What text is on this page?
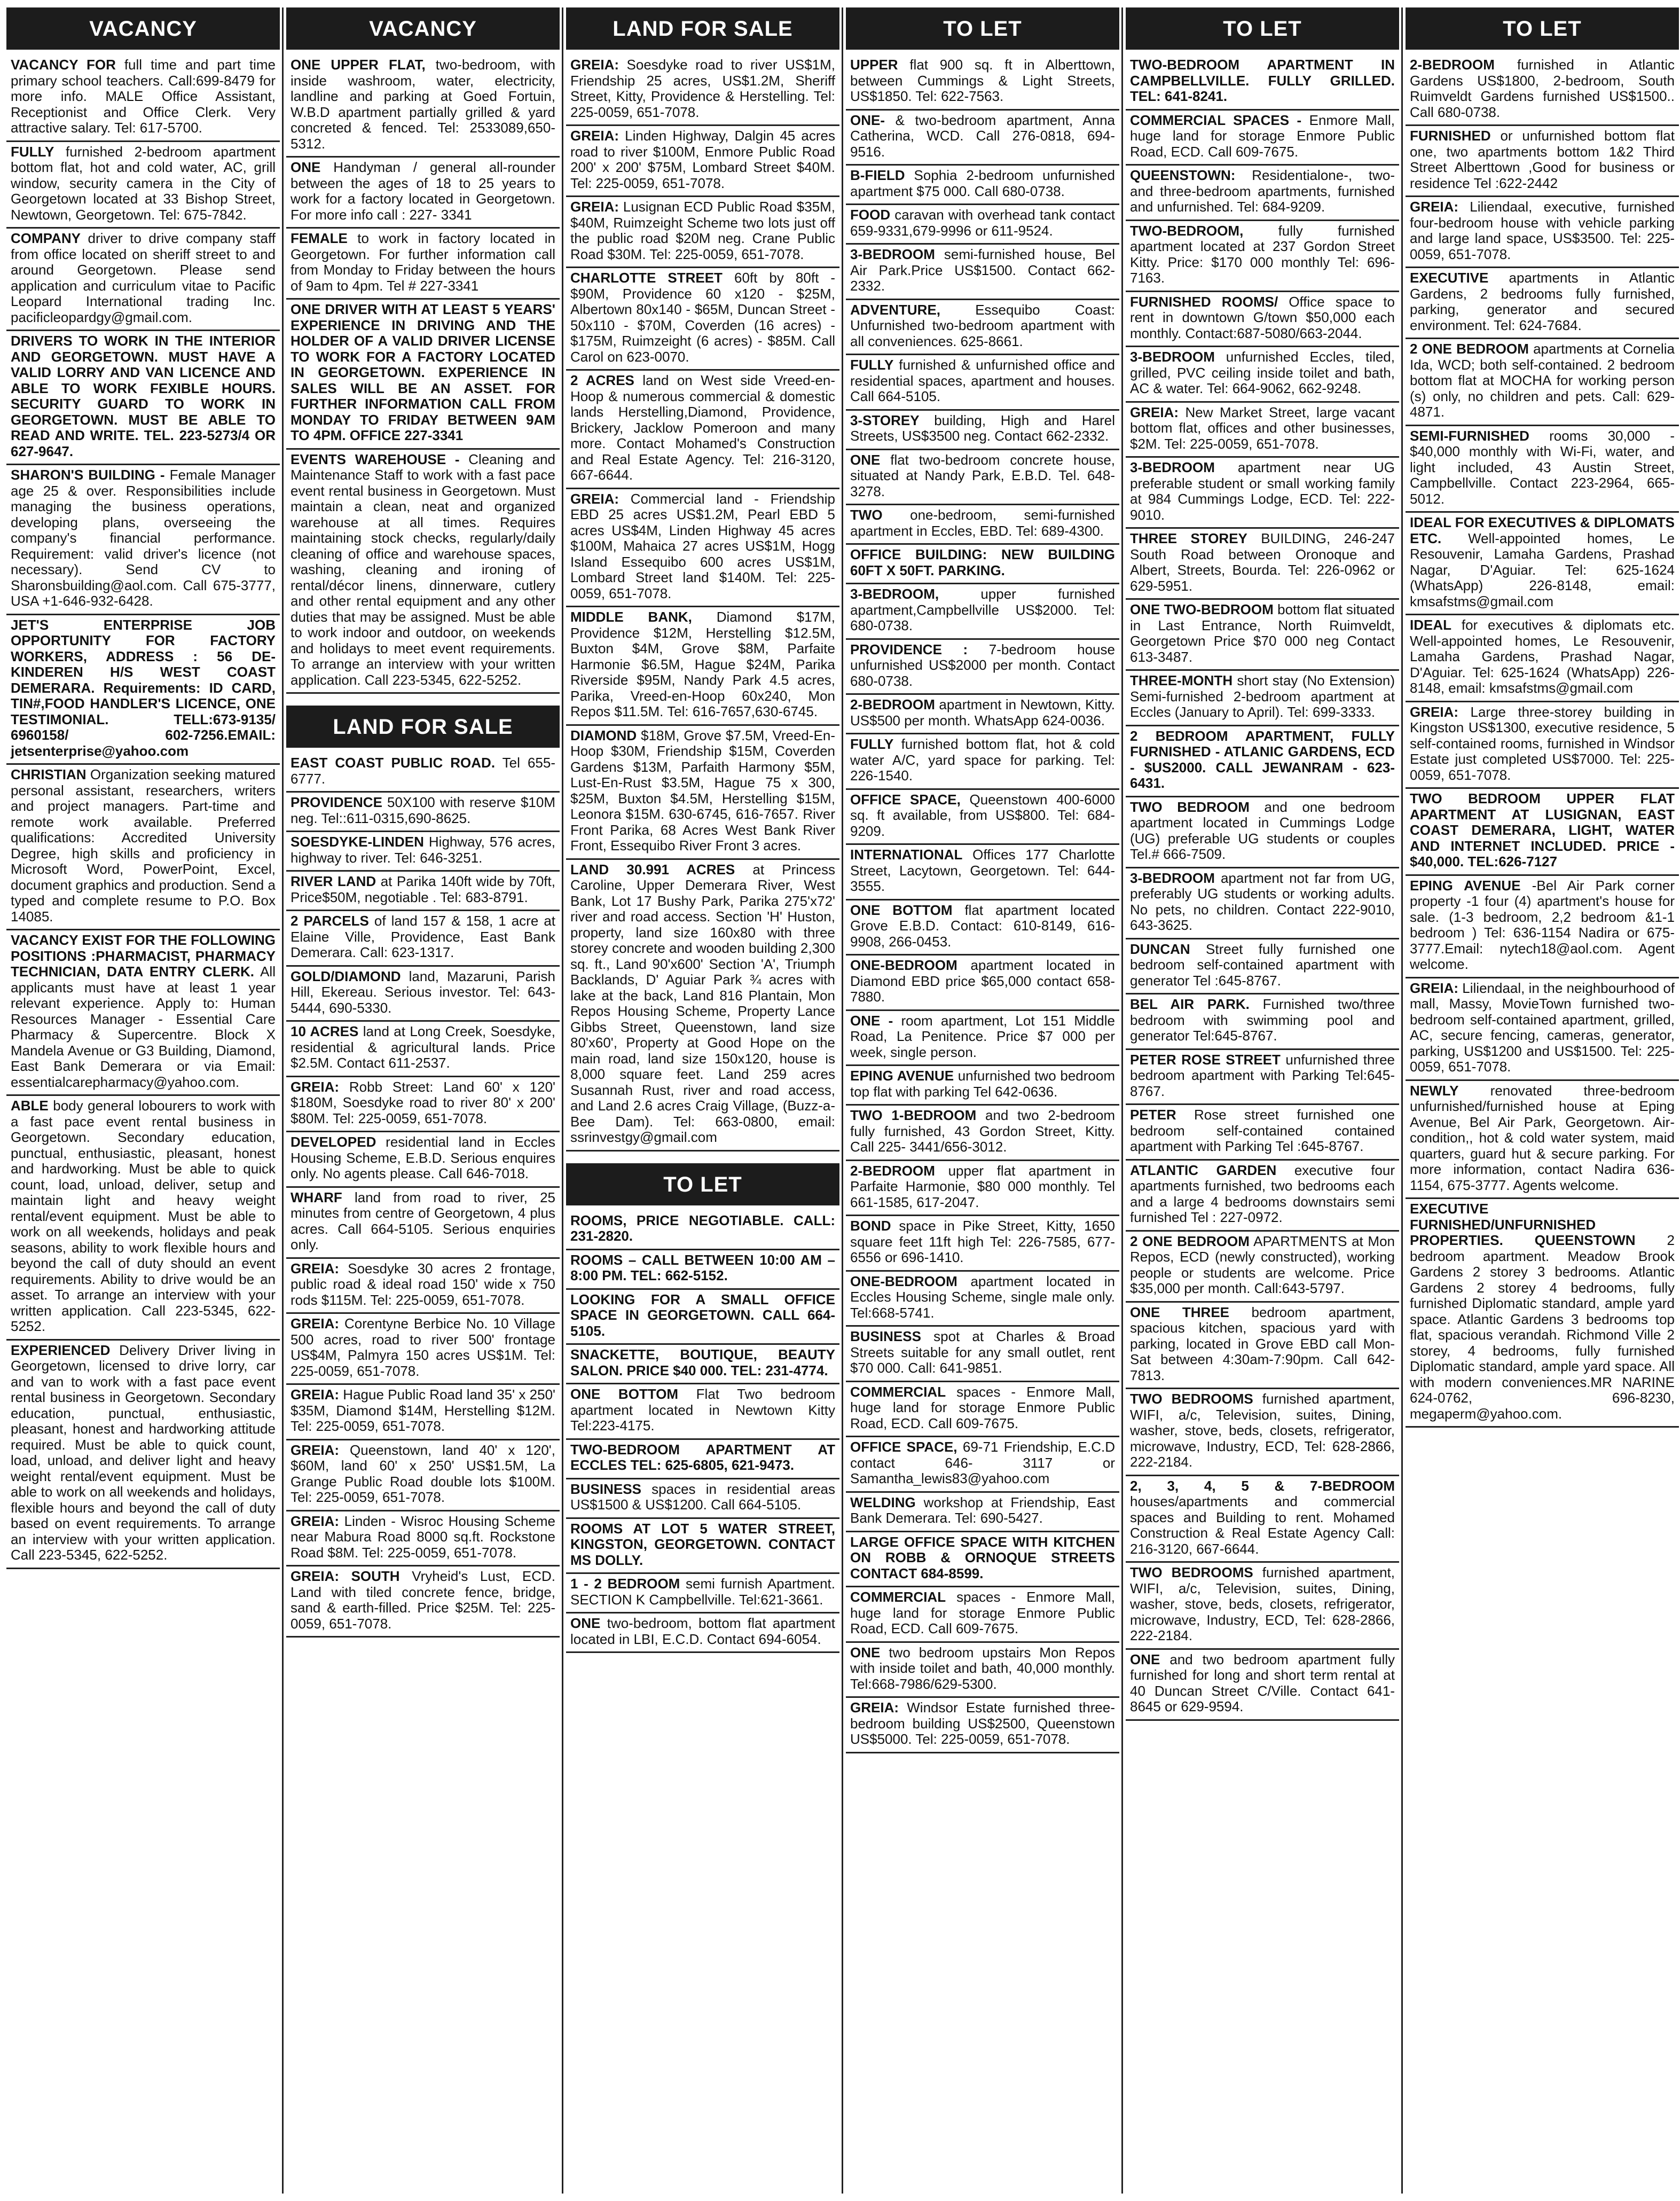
VACANCY
VACANCY FOR full time and part time primary school teachers. Call:699-8479 for more info. MALE Office Assistant, Receptionist and Office Clerk. Very attractive salary. Tel: 617-5700.
FULLY furnished 2-bedroom apartment bottom flat, hot and cold water, AC, grill window, security camera in the City of Georgetown located at 33 Bishop Street, Newtown, Georgetown. Tel: 675-7842.
COMPANY driver to drive company staff from office located on sheriff street to and around Georgetown. Please send application and curriculum vitae to Pacific Leopard International trading Inc. pacificleopardgy@gmail.com.
DRIVERS TO WORK IN THE INTERIOR AND GEORGETOWN. MUST HAVE A VALID LORRY AND VAN LICENCE AND ABLE TO WORK FEXIBLE HOURS. SECURITY GUARD TO WORK IN GEORGETOWN. MUST BE ABLE TO READ AND WRITE. TEL. 223-5273/4 OR 627-9647.
SHARON'S BUILDING - Female Manager age 25 & over. Responsibilities include managing the business operations, developing plans, overseeing the company's financial performance. Requirement: valid driver's licence (not necessary). Send CV to Sharonsbuilding@aol.com. Call 675-3777, USA +1-646-932-6428.
JET'S ENTERPRISE JOB OPPORTUNITY FOR FACTORY WORKERS, ADDRESS : 56 DE-KINDEREN H/S WEST COAST DEMERARA. Requirements: ID CARD, TIN#,FOOD HANDLER'S LICENCE, ONE TESTIMONIAL. TELL:673-9135/ 6960158/ 602-7256.EMAIL: jetsenterprise@yahoo.com
CHRISTIAN Organization seeking matured personal assistant, researchers, writers and project managers. Part-time and remote work available. Preferred qualifications: Accredited University Degree, high skills and proficiency in Microsoft Word, PowerPoint, Excel, document graphics and production. Send a typed and complete resume to P.O. Box 14085.
VACANCY EXIST FOR THE FOLLOWING POSITIONS :PHARMACIST, PHARMACY TECHNICIAN, DATA ENTRY CLERK. All applicants must have at least 1 year relevant experience. Apply to: Human Resources Manager - Essential Care Pharmacy & Supercentre. Block X Mandela Avenue or G3 Building, Diamond, East Bank Demerara or via Email: essentialcarepharmacy@yahoo.com.
ABLE body general lobourers to work with a fast pace event rental business in Georgetown. Secondary education, punctual, enthusiastic, pleasant, honest and hardworking. Must be able to quick count, load, unload, deliver, setup and maintain light and heavy weight rental/event equipment. Must be able to work on all weekends, holidays and peak seasons, ability to work flexible hours and beyond the call of duty should an event requirements. Ability to drive would be an asset. To arrange an interview with your written application. Call 223-5345, 622-5252.
EXPERIENCED Delivery Driver living in Georgetown, licensed to drive lorry, car and van to work with a fast pace event rental business in Georgetown. Secondary education, punctual, enthusiastic, pleasant, honest and hardworking attitude required. Must be able to quick count, load, unload, and deliver light and heavy weight rental/event equipment. Must be able to work on all weekends and holidays, flexible hours and beyond the call of duty based on event requirements. To arrange an interview with your written application. Call 223-5345, 622-5252.
VACANCY
ONE UPPER FLAT, two-bedroom, with inside washroom, water, electricity, landline and parking at Goed Fortuin, W.B.D apartment partially grilled & yard concreted & fenced. Tel: 2533089,650-5312.
ONE Handyman / general all-rounder between the ages of 18 to 25 years to work for a factory located in Georgetown. For more info call : 227- 3341
FEMALE to work in factory located in Georgetown. For further information call from Monday to Friday between the hours of 9am to 4pm. Tel # 227-3341
ONE DRIVER WITH AT LEAST 5 YEARS' EXPERIENCE IN DRIVING AND THE HOLDER OF A VALID DRIVER LICENSE TO WORK FOR A FACTORY LOCATED IN GEORGETOWN. EXPERIENCE IN SALES WILL BE AN ASSET. FOR FURTHER INFORMATION CALL FROM MONDAY TO FRIDAY BETWEEN 9AM TO 4PM. OFFICE 227-3341
EVENTS WAREHOUSE - Cleaning and Maintenance Staff to work with a fast pace event rental business in Georgetown. Must maintain a clean, neat and organized warehouse at all times. Requires maintaining stock checks, regularly/daily cleaning of office and warehouse spaces, washing, cleaning and ironing of rental/décor linens, dinnerware, cutlery and other rental equipment and any other duties that may be assigned. Must be able to work indoor and outdoor, on weekends and holidays to meet event requirements. To arrange an interview with your written application. Call 223-5345, 622-5252.
LAND FOR SALE
EAST COAST PUBLIC ROAD. Tel 655-6777.
PROVIDENCE 50X100 with reserve $10M neg. Tel::611-0315,690-8625.
SOESDYKE-LINDEN Highway, 576 acres, highway to river. Tel: 646-3251.
RIVER LAND at Parika 140ft wide by 70ft, Price$50M, negotiable . Tel: 683-8791.
2 PARCELS of land 157 & 158, 1 acre at Elaine Ville, Providence, East Bank Demerara. Call: 623-1317.
GOLD/DIAMOND land, Mazaruni, Parish Hill, Ekereau. Serious investor. Tel: 643-5444, 690-5330.
10 ACRES land at Long Creek, Soesdyke, residential & agricultural lands. Price $2.5M. Contact 611-2537.
GREIA: Robb Street: Land 60' x 120' $180M, Soesdyke road to river 80' x 200' $80M. Tel: 225-0059, 651-7078.
DEVELOPED residential land in Eccles Housing Scheme, E.B.D. Serious enquires only. No agents please. Call 646-7018.
WHARF land from road to river, 25 minutes from centre of Georgetown, 4 plus acres. Call 664-5105. Serious enquiries only.
GREIA: Soesdyke 30 acres 2 frontage, public road & ideal road 150' wide x 750 rods $115M. Tel: 225-0059, 651-7078.
GREIA: Corentyne Berbice No. 10 Village 500 acres, road to river 500' frontage US$4M, Palmyra 150 acres US$1M. Tel: 225-0059, 651-7078.
GREIA: Hague Public Road land 35' x 250' $35M, Diamond $14M, Herstelling $12M. Tel: 225-0059, 651-7078.
GREIA: Queenstown, land 40' x 120', $60M, land 60' x 250' US$1.5M, La Grange Public Road double lots $100M. Tel: 225-0059, 651-7078.
GREIA: Linden - Wisroc Housing Scheme near Mabura Road 8000 sq.ft. Rockstone Road $8M. Tel: 225-0059, 651-7078.
GREIA: SOUTH Vryheid's Lust, ECD. Land with tiled concrete fence, bridge, sand & earth-filled. Price $25M. Tel: 225-0059, 651-7078.
LAND FOR SALE
GREIA: Soesdyke road to river US$1M, Friendship 25 acres, US$1.2M, Sheriff Street, Kitty, Providence & Herstelling. Tel: 225-0059, 651-7078.
GREIA: Linden Highway, Dalgin 45 acres road to river $100M, Enmore Public Road 200' x 200' $75M, Lombard Street $40M. Tel: 225-0059, 651-7078.
GREIA: Lusignan ECD Public Road $35M, $40M, Ruimzeight Scheme two lots just off the public road $20M neg. Crane Public Road $30M. Tel: 225-0059, 651-7078.
CHARLOTTE STREET 60ft by 80ft - $90M, Providence 60 x120 - $25M, Albertown 80x140 - $65M, Duncan Street - 50x110 - $70M, Coverden (16 acres) - $175M, Ruimzeight (6 acres) - $85M. Call Carol on 623-0070.
2 ACRES land on West side Vreed-en-Hoop & numerous commercial & domestic lands Herstelling,Diamond, Providence, Brickery, Jacklow Pomeroon and many more. Contact Mohamed's Construction and Real Estate Agency. Tel: 216-3120, 667-6644.
GREIA: Commercial land - Friendship EBD 25 acres US$1.2M, Pearl EBD 5 acres US$4M, Linden Highway 45 acres $100M, Mahaica 27 acres US$1M, Hogg Island Essequibo 600 acres US$1M, Lombard Street land $140M. Tel: 225-0059, 651-7078.
MIDDLE BANK, Diamond $17M, Providence $12M, Herstelling $12.5M, Buxton $4M, Grove $8M, Parfaite Harmonie $6.5M, Hague $24M, Parika Riverside $95M, Nandy Park 4.5 acres, Parika, Vreed-en-Hoop 60x240, Mon Repos $11.5M. Tel: 616-7657,630-6745.
DIAMOND $18M, Grove $7.5M, Vreed-En-Hoop $30M, Friendship $15M, Coverden Gardens $13M, Parfaith Harmony $5M, Lust-En-Rust $3.5M, Hague 75 x 300, $25M, Buxton $4.5M, Herstelling $15M, Leonora $15M. 630-6745, 616-7657. River Front Parika, 68 Acres West Bank River Front, Essequibo River Front 3 acres.
LAND 30.991 ACRES at Princess Caroline, Upper Demerara River, West Bank, Lot 17 Bushy Park, Parika 275'x72' river and road access. Section 'H' Huston, property, land size 160x80 with three storey concrete and wooden building 2,300 sq. ft., Land 90'x600' Section 'A', Triumph Backlands, D' Aguiar Park ¾ acres with lake at the back, Land 816 Plantain, Mon Repos Housing Scheme, Property Lance Gibbs Street, Queenstown, land size 80'x60', Property at Good Hope on the main road, land size 150x120, house is 8,000 square feet. Land 259 acres Susannah Rust, river and road access, and Land 2.6 acres Craig Village, (Buzz-a-Bee Dam). Tel: 663-0800, email: ssrinvestgy@gmail.com
TO LET
ROOMS, PRICE NEGOTIABLE. CALL: 231-2820.
ROOMS – CALL BETWEEN 10:00 AM – 8:00 PM. TEL: 662-5152.
LOOKING FOR A SMALL OFFICE SPACE IN GEORGETOWN. CALL 664-5105.
SNACKETTE, BOUTIQUE, BEAUTY SALON. PRICE $40 000. TEL: 231-4774.
ONE BOTTOM Flat Two bedroom apartment located in Newtown Kitty Tel:223-4175.
TWO-BEDROOM APARTMENT AT ECCLES TEL: 625-6805, 621-9473.
BUSINESS spaces in residential areas US$1500 & US$1200. Call 664-5105.
ROOMS AT LOT 5 WATER STREET, KINGSTON, GEORGETOWN. CONTACT MS DOLLY.
1 - 2 BEDROOM semi furnish Apartment. SECTION K Campbellville. Tel:621-3661.
ONE two-bedroom, bottom flat apartment located in LBI, E.C.D. Contact 694-6054.
TO LET
UPPER flat 900 sq. ft in Alberttown, between Cummings & Light Streets, US$1850. Tel: 622-7563.
ONE- & two-bedroom apartment, Anna Catherina, WCD. Call 276-0818, 694-9516.
B-FIELD Sophia 2-bedroom unfurnished apartment $75 000. Call 680-0738.
FOOD caravan with overhead tank contact 659-9331,679-9996 or 611-9524.
3-BEDROOM semi-furnished house, Bel Air Park.Price US$1500. Contact 662-2332.
ADVENTURE,	Essequibo Coast: Unfurnished two-bedroom apartment with all conveniences. 625-8661.
FULLY furnished & unfurnished office and residential spaces, apartment and houses. Call 664-5105.
3-STOREY building, High and Harel Streets, US$3500 neg. Contact 662-2332.
ONE flat two-bedroom concrete house, situated at Nandy Park, E.B.D. Tel. 648-3278.
TWO one-bedroom, semi-furnished apartment in Eccles, EBD. Tel: 689-4300.
OFFICE BUILDING: NEW BUILDING 60FT X 50FT. PARKING.
3-BEDROOM,	upper furnished apartment,Campbellville US$2000. Tel: 680-0738.
PROVIDENCE : 7-bedroom house unfurnished US$2000 per month. Contact 680-0738.
2-BEDROOM apartment in Newtown, Kitty. US$500 per month. WhatsApp 624-0036.
FULLY furnished bottom flat, hot & cold water A/C, yard space for parking. Tel: 226-1540.
OFFICE SPACE, Queenstown 400-6000 sq. ft available, from US$800. Tel: 684-9209.
INTERNATIONAL Offices 177 Charlotte Street, Lacytown, Georgetown. Tel: 644-3555.
ONE BOTTOM flat apartment located Grove E.B.D. Contact: 610-8149, 616-9908, 266-0453.
ONE-BEDROOM apartment located in Diamond EBD price $65,000 contact 658-7880.
ONE - room apartment, Lot 151 Middle Road, La Penitence. Price $7 000 per week, single person.
EPING AVENUE unfurnished two bedroom top flat with parking Tel 642-0636.
TWO 1-BEDROOM and two 2-bedroom fully furnished, 43 Gordon Street, Kitty. Call 225- 3441/656-3012.
2-BEDROOM upper flat apartment in Parfaite Harmonie, $80 000 monthly. Tel 661-1585, 617-2047.
BOND space in Pike Street, Kitty, 1650 square feet 11ft high Tel: 226-7585, 677-6556 or 696-1410.
ONE-BEDROOM apartment located in Eccles Housing Scheme, single male only. Tel:668-5741.
BUSINESS spot at Charles & Broad Streets suitable for any small outlet, rent $70 000. Call: 641-9851.
COMMERCIAL spaces - Enmore Mall, huge land for storage Enmore Public Road, ECD. Call 609-7675.
OFFICE SPACE, 69-71 Friendship, E.C.D contact 646- 3117 or Samantha_lewis83@yahoo.com
WELDING workshop at Friendship, East Bank Demerara. Tel: 690-5427.
LARGE OFFICE SPACE WITH KITCHEN ON ROBB & ORNOQUE STREETS CONTACT 684-8599.
COMMERCIAL spaces - Enmore Mall, huge land for storage Enmore Public Road, ECD. Call 609-7675.
ONE two bedroom upstairs Mon Repos with inside toilet and bath, 40,000 monthly. Tel:668-7986/629-5300.
GREIA: Windsor Estate furnished three-bedroom building US$2500, Queenstown US$5000. Tel: 225-0059, 651-7078.
TO LET
TWO-BEDROOM APARTMENT IN CAMPBELLVILLE. FULLY GRILLED. TEL: 641-8241.
COMMERCIAL SPACES - Enmore Mall, huge land for storage Enmore Public Road, ECD. Call 609-7675.
QUEENSTOWN: Residentialone-, two- and three-bedroom apartments, furnished and unfurnished. Tel: 684-9209.
TWO-BEDROOM,	fully furnished apartment located at 237 Gordon Street Kitty. Price: $170 000 monthly Tel: 696-7163.
FURNISHED ROOMS/ Office space to rent in downtown G/town $50,000 each monthly. Contact:687-5080/663-2044.
3-BEDROOM unfurnished Eccles, tiled, grilled, PVC ceiling inside toilet and bath, AC & water. Tel: 664-9062, 662-9248.
GREIA: New Market Street, large vacant bottom flat, offices and other businesses, $2M. Tel: 225-0059, 651-7078.
3-BEDROOM apartment near UG preferable student or small working family at 984 Cummings Lodge, ECD. Tel: 222-9010.
THREE STOREY BUILDING, 246-247 South Road between Oronoque and Albert, Streets, Bourda. Tel: 226-0962 or 629-5951.
ONE TWO-BEDROOM bottom flat situated in Last Entrance, North Ruimveldt, Georgetown Price $70 000 neg Contact 613-3487.
THREE-MONTH short stay (No Extension) Semi-furnished 2-bedroom apartment at Eccles (January to April). Tel: 699-3333.
2 BEDROOM APARTMENT, FULLY FURNISHED - ATLANIC GARDENS, ECD - $US2000. CALL JEWANRAM - 623-6431.
TWO BEDROOM and one bedroom apartment located in Cummings Lodge (UG) preferable UG students or couples Tel.# 666-7509.
3-BEDROOM apartment not far from UG, preferably UG students or working adults. No pets, no children. Contact 222-9010, 643-3625.
DUNCAN Street fully furnished one bedroom self-contained apartment with generator Tel :645-8767.
BEL AIR PARK. Furnished two/three bedroom with swimming pool and generator Tel:645-8767.
PETER ROSE STREET unfurnished three bedroom apartment with Parking Tel:645-8767.
PETER Rose street furnished one bedroom self-contained contained apartment with Parking Tel :645-8767.
ATLANTIC GARDEN executive four apartments furnished, two bedrooms each and a large 4 bedrooms downstairs semi furnished Tel : 227-0972.
2 ONE BEDROOM APARTMENTS at Mon Repos, ECD (newly constructed), working people or students are welcome. Price $35,000 per month. Call:643-5797.
ONE THREE bedroom apartment, spacious kitchen, spacious yard with parking, located in Grove EBD call Mon-Sat between 4:30am-7:90pm. Call 642-7813.
TWO BEDROOMS furnished apartment, WIFI, a/c, Television, suites, Dining, washer, stove, beds, closets, refrigerator, microwave, Industry, ECD, Tel: 628-2866, 222-2184.
2, 3, 4, 5 & 7-BEDROOM houses/apartments and commercial spaces and Building to rent. Mohamed Construction & Real Estate Agency Call: 216-3120, 667-6644.
TWO BEDROOMS furnished apartment, WIFI, a/c, Television, suites, Dining, washer, stove, beds, closets, refrigerator, microwave, Industry, ECD, Tel: 628-2866, 222-2184.
ONE and two bedroom apartment fully furnished for long and short term rental at 40 Duncan Street C/Ville. Contact 641-8645 or 629-9594.
TO LET
2-BEDROOM furnished in Atlantic Gardens US$1800, 2-bedroom, South Ruimveldt Gardens furnished US$1500.. Call 680-0738.
FURNISHED or unfurnished bottom flat one, two apartments bottom 1&2 Third Street Alberttown ,Good for business or residence Tel :622-2442
GREIA: Liliendaal, executive, furnished four-bedroom house with vehicle parking and large land space, US$3500. Tel: 225-0059, 651-7078.
EXECUTIVE apartments in Atlantic Gardens, 2 bedrooms fully furnished, parking, generator and secured environment. Tel: 624-7684.
2 ONE BEDROOM apartments at Cornelia Ida, WCD; both self-contained. 2 bedroom bottom flat at MOCHA for working person (s) only, no children and pets. Call: 629-4871.
SEMI-FURNISHED rooms 30,000 - $40,000 monthly with Wi-Fi, water, and light included, 43 Austin Street, Campbellville. Contact 223-2964, 665-5012.
IDEAL FOR EXECUTIVES & DIPLOMATS ETC. Well-appointed homes, Le Resouvenir, Lamaha Gardens, Prashad Nagar, D'Aguiar. Tel: 625-1624 (WhatsApp) 226-8148, email: kmsafstms@gmail.com
IDEAL for executives & diplomats etc. Well-appointed homes, Le Resouvenir, Lamaha Gardens, Prashad Nagar, D'Aguiar. Tel: 625-1624 (WhatsApp) 226-8148, email: kmsafstms@gmail.com
GREIA: Large three-storey building in Kingston US$1300, executive residence, 5 self-contained rooms, furnished in Windsor Estate just completed US$7000. Tel: 225-0059, 651-7078.
TWO BEDROOM UPPER FLAT APARTMENT AT LUSIGNAN, EAST COAST DEMERARA, LIGHT, WATER AND INTERNET INCLUDED. PRICE - $40,000. TEL:626-7127
EPING AVENUE -Bel Air Park corner property -1 four (4) apartment's house for sale. (1-3 bedroom, 2,2 bedroom &1-1 bedroom ) Tel: 636-1154 Nadira or 675-3777.Email: nytech18@aol.com. Agent welcome.
GREIA: Liliendaal, in the neighbourhood of mall, Massy, MovieTown furnished two-bedroom self-contained apartment, grilled, AC, secure fencing, cameras, generator, parking, US$1200 and US$1500. Tel: 225-0059, 651-7078.
NEWLY renovated three-bedroom unfurnished/furnished house at Eping Avenue, Bel Air Park, Georgetown. Air-condition,, hot & cold water system, maid quarters, guard hut & secure parking. For more information, contact Nadira 636-1154, 675-3777. Agents welcome.
EXECUTIVE FURNISHED/UNFURNISHED PROPERTIES. QUEENSTOWN 2 bedroom apartment. Meadow Brook Gardens 2 storey 3 bedrooms. Atlantic Gardens 2 storey 4 bedrooms, fully furnished Diplomatic standard, ample yard space. Atlantic Gardens 3 bedrooms top flat, spacious verandah. Richmond Ville 2 storey, 4 bedrooms, fully furnished Diplomatic standard, ample yard space. All with modern conveniences.MR NARINE 624-0762, 696-8230, megaperm@yahoo.com.
